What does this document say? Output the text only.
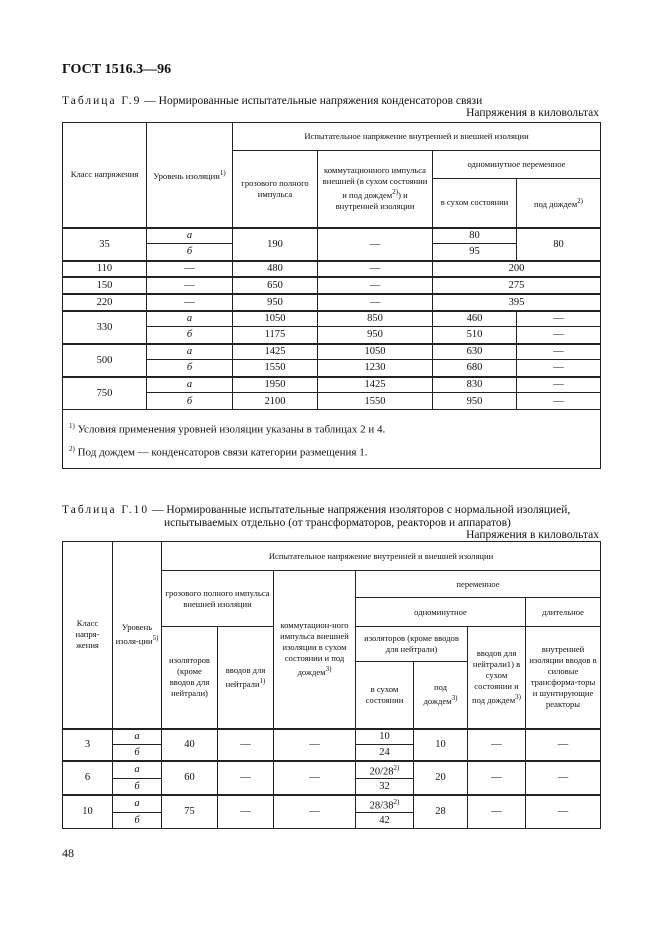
ГОСТ 1516.3—96
Таблица Г.9 — Нормированные испытательные напряжения конденсаторов связи
Напряжения в киловольтах
Класс напряжения	Уровень изоляции$^{1)}$	Испытательное напряжение внутренней и внешней изоляции			
		грозового полного импульса	коммутационного импульса внешней (в сухом состоянии и под дождем$^{2)}$) и внутренней изоляции	одноминутное переменное	
				в сухом состоянии	под дождем$^{2)}$
35	а	190	—	80	80
	б			95	
110	—	480	—	200	
150	—	650	—	275	
220	—	950	—	395	
330	а	1050	850	460	—
	б	1175	950	510	—
500	а	1425	1050	630	—
	б	1550	1230	680	—
750	а	1950	1425	830	—
	б	2100	1550	950	—

$^{1)}$ Условия применения уровней изоляции указаны в таблицах 2 и 4.
$^{2)}$ Под дождем — конденсаторов связи категории размещения 1.					
Таблица Г.10 — Нормированные испытательные напряжения изоляторов с нормальной изоляцией,
испытываемых отдельно (от трансформаторов, реакторов и аппаратов)
Напряжения в киловольтах
Класс напря-жения	Уровень изоля-ции$^{5)}$	Испытательное напряжение внутренней и внешней изоляции						
		грозового полного импульса внешней изоляции		коммутацион-ного импульса внешней изоляции в сухом состоянии и под дождем$^{3)}$	переменное			
					одноминутное			длительное
		изоляторов (кроме вводов для нейтрали)	вводов для нейтрали$^{1)}$		изоляторов (кроме вводов для нейтрали)		вводов для нейтрали1) в сухом состоянии и под дождем$^{3)}$	внутренней изоляции вводов в силовые трансформа-торы и шунтирующие реакторы
					в сухом состоянии	под дождем$^{3)}$
3	а	40	—	—	10	10	—	—
	б				24			
6	а	60	—	—	20/28$^{2)}$	20	—	—
	б				32			
10	а	75	—	—	28/38$^{2)}$	28	—	—
	б				42			
48
